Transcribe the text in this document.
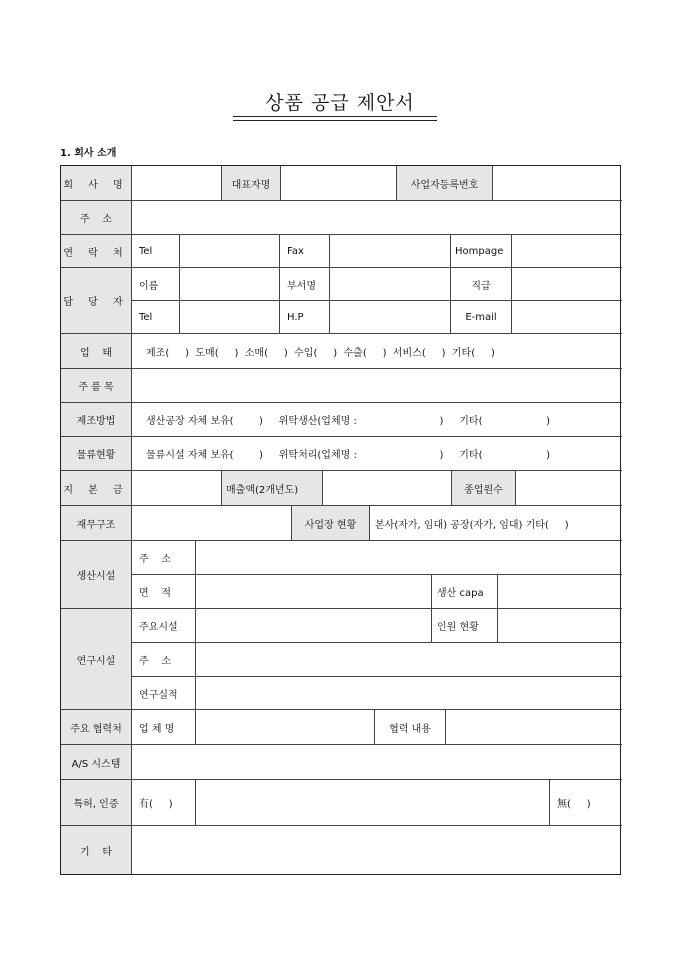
상품 공급 제안서
1. 회사 소개
회 사 명	대표자명	사업자등록번호
주    소
연 락 처	Tel	Fax	Hompage
담 당 자
이름	부서명	직급
Tel	H.P	E-mail
업    태	제조(     )  도매(     )  소매(     )  수입(     )  수출(     )  서비스(     )  기타(     )
주 품 목
제조방법	생산공장 자체 보유(        )     위탁생산(업체명 :                          )     기타(                    )
물류현황	물류시설 자체 보유(        )     위탁처리(업체명 :                          )     기타(                    )
지 본 금	매출액(2개년도)	종업원수
재무구조	사업장 현황	본사(자가, 임대) 공장(자가, 임대) 기타(     )
생산시설
주    소
면    적	생산 capa
연구시설
주요시설	인원 현황
주    소
연구실적
주요 협력처	업 체 명	협력 내용
A/S 시스템
특허, 인증	有(     )	無(     )
기    타
